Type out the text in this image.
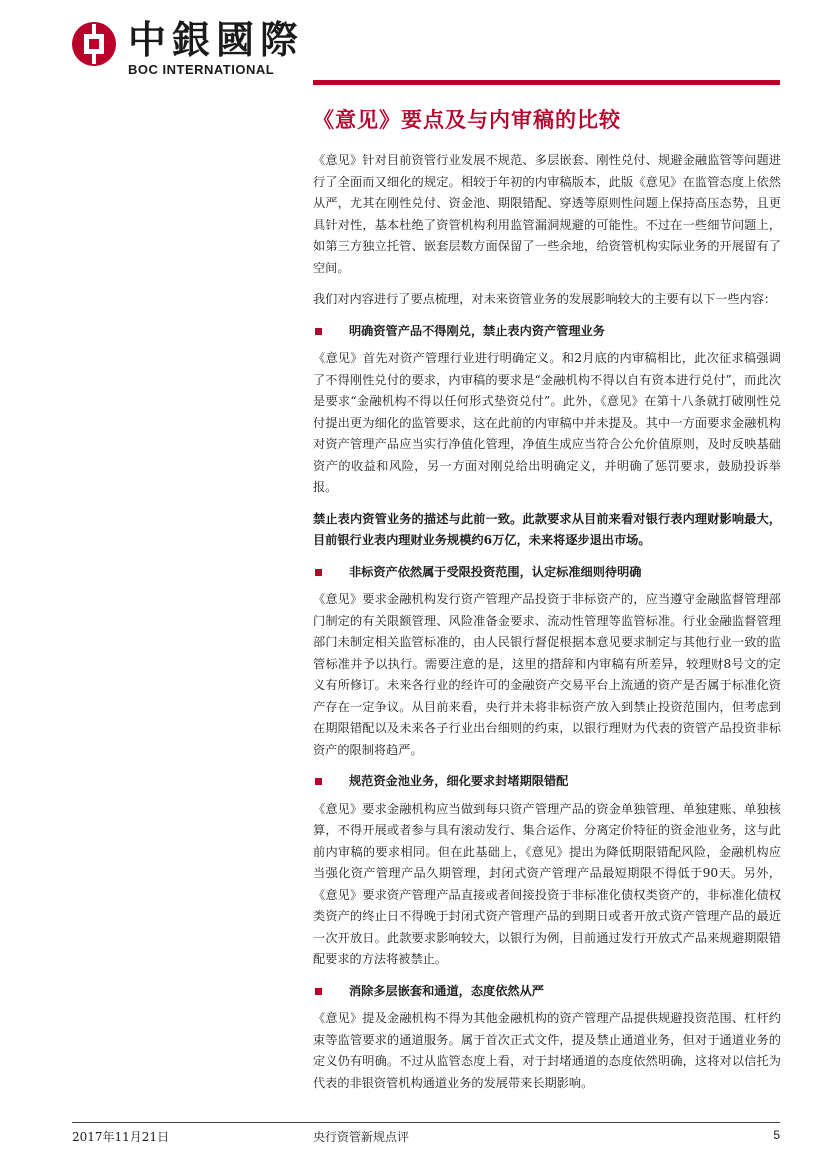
中銀國際
BOC INTERNATIONAL
《意见》要点及与内审稿的比较

《意见》针对目前资管行业发展不规范、多层嵌套、刚性兑付、规避金融监管等问题进行了全面而又细化的规定。相较于年初的内审稿版本，此版《意见》在监管态度上依然从严，尤其在刚性兑付、资金池、期限错配、穿透等原则性问题上保持高压态势，且更具针对性，基本杜绝了资管机构利用监管漏洞规避的可能性。不过在一些细节问题上，如第三方独立托管、嵌套层数方面保留了一些余地，给资管机构实际业务的开展留有了空间。

我们对内容进行了要点梳理，对未来资管业务的发展影响较大的主要有以下一些内容：

明确资管产品不得刚兑，禁止表内资产管理业务

《意见》首先对资产管理行业进行明确定义。和2月底的内审稿相比，此次征求稿强调了不得刚性兑付的要求，内审稿的要求是“金融机构不得以自有资本进行兑付”，而此次是要求“金融机构不得以任何形式垫资兑付”。此外，《意见》在第十八条就打破刚性兑付提出更为细化的监管要求，这在此前的内审稿中并未提及。其中一方面要求金融机构对资产管理产品应当实行净值化管理，净值生成应当符合公允价值原则，及时反映基础资产的收益和风险，另一方面对刚兑给出明确定义，并明确了惩罚要求，鼓励投诉举报。

禁止表内资管业务的描述与此前一致。此款要求从目前来看对银行表内理财影响最大，目前银行业表内理财业务规模约6万亿，未来将逐步退出市场。

非标资产依然属于受限投资范围，认定标准细则待明确

《意见》要求金融机构发行资产管理产品投资于非标资产的，应当遵守金融监督管理部门制定的有关限额管理、风险准备金要求、流动性管理等监管标准。行业金融监督管理部门未制定相关监管标准的，由人民银行督促根据本意见要求制定与其他行业一致的监管标准并予以执行。需要注意的是，这里的措辞和内审稿有所差异，较理财8号文的定义有所修订。未来各行业的经许可的金融资产交易平台上流通的资产是否属于标准化资产存在一定争议。从目前来看，央行并未将非标资产放入到禁止投资范围内，但考虑到在期限错配以及未来各子行业出台细则的约束，以银行理财为代表的资管产品投资非标资产的限制将趋严。

规范资金池业务，细化要求封堵期限错配

《意见》要求金融机构应当做到每只资产管理产品的资金单独管理、单独建账、单独核算，不得开展或者参与具有滚动发行、集合运作、分离定价特征的资金池业务，这与此前内审稿的要求相同。但在此基础上，《意见》提出为降低期限错配风险，金融机构应当强化资产管理产品久期管理，封闭式资产管理产品最短期限不得低于90天。另外，《意见》要求资产管理产品直接或者间接投资于非标准化债权类资产的，非标准化债权类资产的终止日不得晚于封闭式资产管理产品的到期日或者开放式资产管理产品的最近一次开放日。此款要求影响较大，以银行为例，目前通过发行开放式产品来规避期限错配要求的方法将被禁止。

消除多层嵌套和通道，态度依然从严

《意见》提及金融机构不得为其他金融机构的资产管理产品提供规避投资范围、杠杆约束等监管要求的通道服务。属于首次正式文件，提及禁止通道业务，但对于通道业务的定义仍有明确。不过从监管态度上看，对于封堵通道的态度依然明确，这将对以信托为代表的非银资管机构通道业务的发展带来长期影响。

2017年11月21日	央行资管新规点评	5
